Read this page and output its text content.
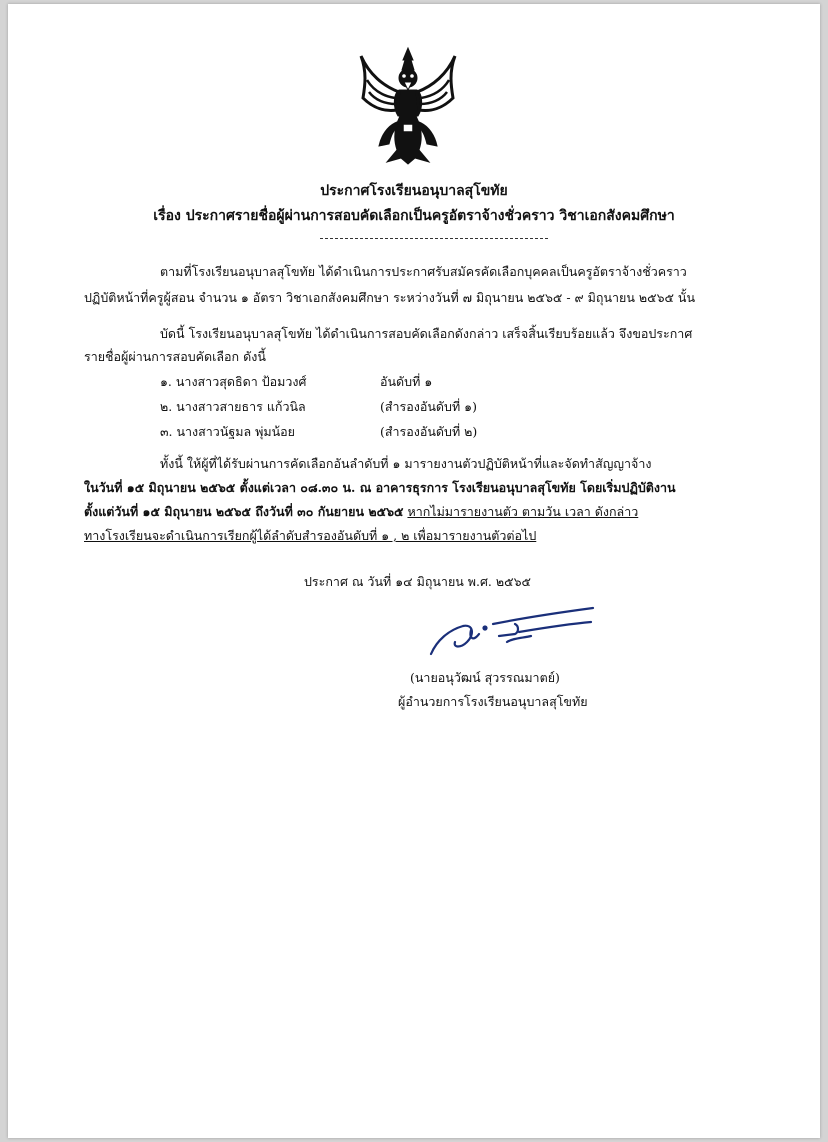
ประกาศโรงเรียนอนุบาลสุโขทัย
เรื่อง ประกาศรายชื่อผู้ผ่านการสอบคัดเลือกเป็นครูอัตราจ้างชั่วคราว วิชาเอกสังคมศึกษา
ตามที่โรงเรียนอนุบาลสุโขทัย ได้ดำเนินการประกาศรับสมัครคัดเลือกบุคคลเป็นครูอัตราจ้างชั่วคราว
ปฏิบัติหน้าที่ครูผู้สอน จำนวน ๑ อัตรา วิชาเอกสังคมศึกษา ระหว่างวันที่ ๗ มิถุนายน ๒๕๖๕ - ๙ มิถุนายน ๒๕๖๕ นั้น
บัดนี้ โรงเรียนอนุบาลสุโขทัย ได้ดำเนินการสอบคัดเลือกดังกล่าว เสร็จสิ้นเรียบร้อยแล้ว จึงขอประกาศ
รายชื่อผู้ผ่านการสอบคัดเลือก ดังนี้
๑. นางสาวสุดธิดา ป้อมวงศ์	อันดับที่ ๑
๒. นางสาวสายธาร แก้วนิล	(สำรองอันดับที่ ๑)
๓. นางสาวนัฐมล พุ่มน้อย	(สำรองอันดับที่ ๒)
ทั้งนี้ ให้ผู้ที่ได้รับผ่านการคัดเลือกอันลำดับที่ ๑ มารายงานตัวปฏิบัติหน้าที่และจัดทำสัญญาจ้าง
ในวันที่ ๑๕ มิถุนายน ๒๕๖๕ ตั้งแต่เวลา ๐๘.๓๐ น. ณ อาคารธุรการ โรงเรียนอนุบาลสุโขทัย โดยเริ่มปฏิบัติงาน
ตั้งแต่วันที่ ๑๕ มิถุนายน ๒๕๖๕ ถึงวันที่ ๓๐ กันยายน ๒๕๖๕ หากไม่มารายงานตัว ตามวัน เวลา ดังกล่าว
ทางโรงเรียนจะดำเนินการเรียกผู้ได้ลำดับสำรองอันดับที่ ๑ , ๒ เพื่อมารายงานตัวต่อไป
ประกาศ ณ วันที่ ๑๔ มิถุนายน พ.ศ. ๒๕๖๕
(นายอนุวัฒน์ สุวรรณมาตย์)
ผู้อำนวยการโรงเรียนอนุบาลสุโขทัย
